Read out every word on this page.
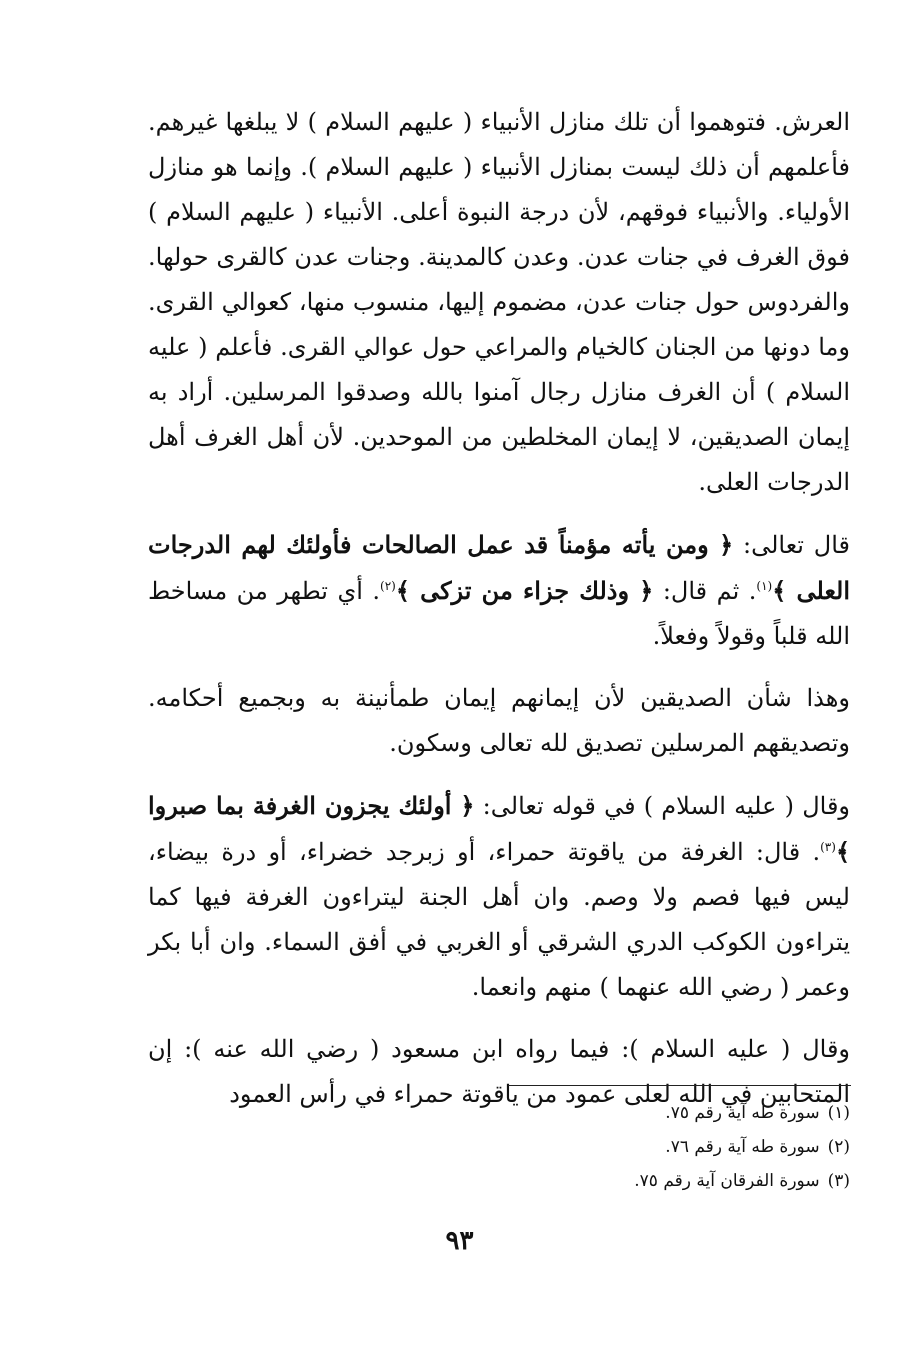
العرش. فتوهموا أن تلك منازل الأنبياء ( عليهم السلام ) لا يبلغها غيرهم. فأعلمهم أن ذلك ليست بمنازل الأنبياء ( عليهم السلام ). وإنما هو منازل الأولياء. والأنبياء فوقهم، لأن درجة النبوة أعلى. الأنبياء ( عليهم السلام ) فوق الغرف في جنات عدن. وعدن كالمدينة. وجنات عدن كالقرى حولها. والفردوس حول جنات عدن، مضموم إليها، منسوب منها، كعوالي القرى. وما دونها من الجنان كالخيام والمراعي حول عوالي القرى. فأعلم ( عليه السلام ) أن الغرف منازل رجال آمنوا بالله وصدقوا المرسلين. أراد به إيمان الصديقين، لا إيمان المخلطين من الموحدين. لأن أهل الغرف أهل الدرجات العلى.

قال تعالى: ﴿ ومن يأته مؤمناً قد عمل الصالحات فأولئك لهم الدرجات العلى ﴾$^{(١)}$. ثم قال: ﴿ وذلك جزاء من تزكى ﴾$^{(٢)}$. أي تطهر من مساخط الله قلباً وقولاً وفعلاً.

وهذا شأن الصديقين لأن إيمانهم إيمان طمأنينة به وبجميع أحكامه. وتصديقهم المرسلين تصديق لله تعالى وسكون.

وقال ( عليه السلام ) في قوله تعالى: ﴿ أولئك يجزون الغرفة بما صبروا ﴾$^{(٣)}$. قال: الغرفة من ياقوتة حمراء، أو زبرجد خضراء، أو درة بيضاء، ليس فيها فصم ولا وصم. وان أهل الجنة ليتراءون الغرفة فيها كما يتراءون الكوكب الدري الشرقي أو الغربي في أفق السماء. وان أبا بكر وعمر ( رضي الله عنهما ) منهم وانعما.

وقال ( عليه السلام ): فيما رواه ابن مسعود ( رضي الله عنه ): إن المتحابين في الله لعلى عمود من ياقوتة حمراء في رأس العمود

(١)سورة طه آية رقم ٧٥.

(٢)سورة طه آية رقم ٧٦.

(٣)سورة الفرقان آية رقم ٧٥.

٩٣
